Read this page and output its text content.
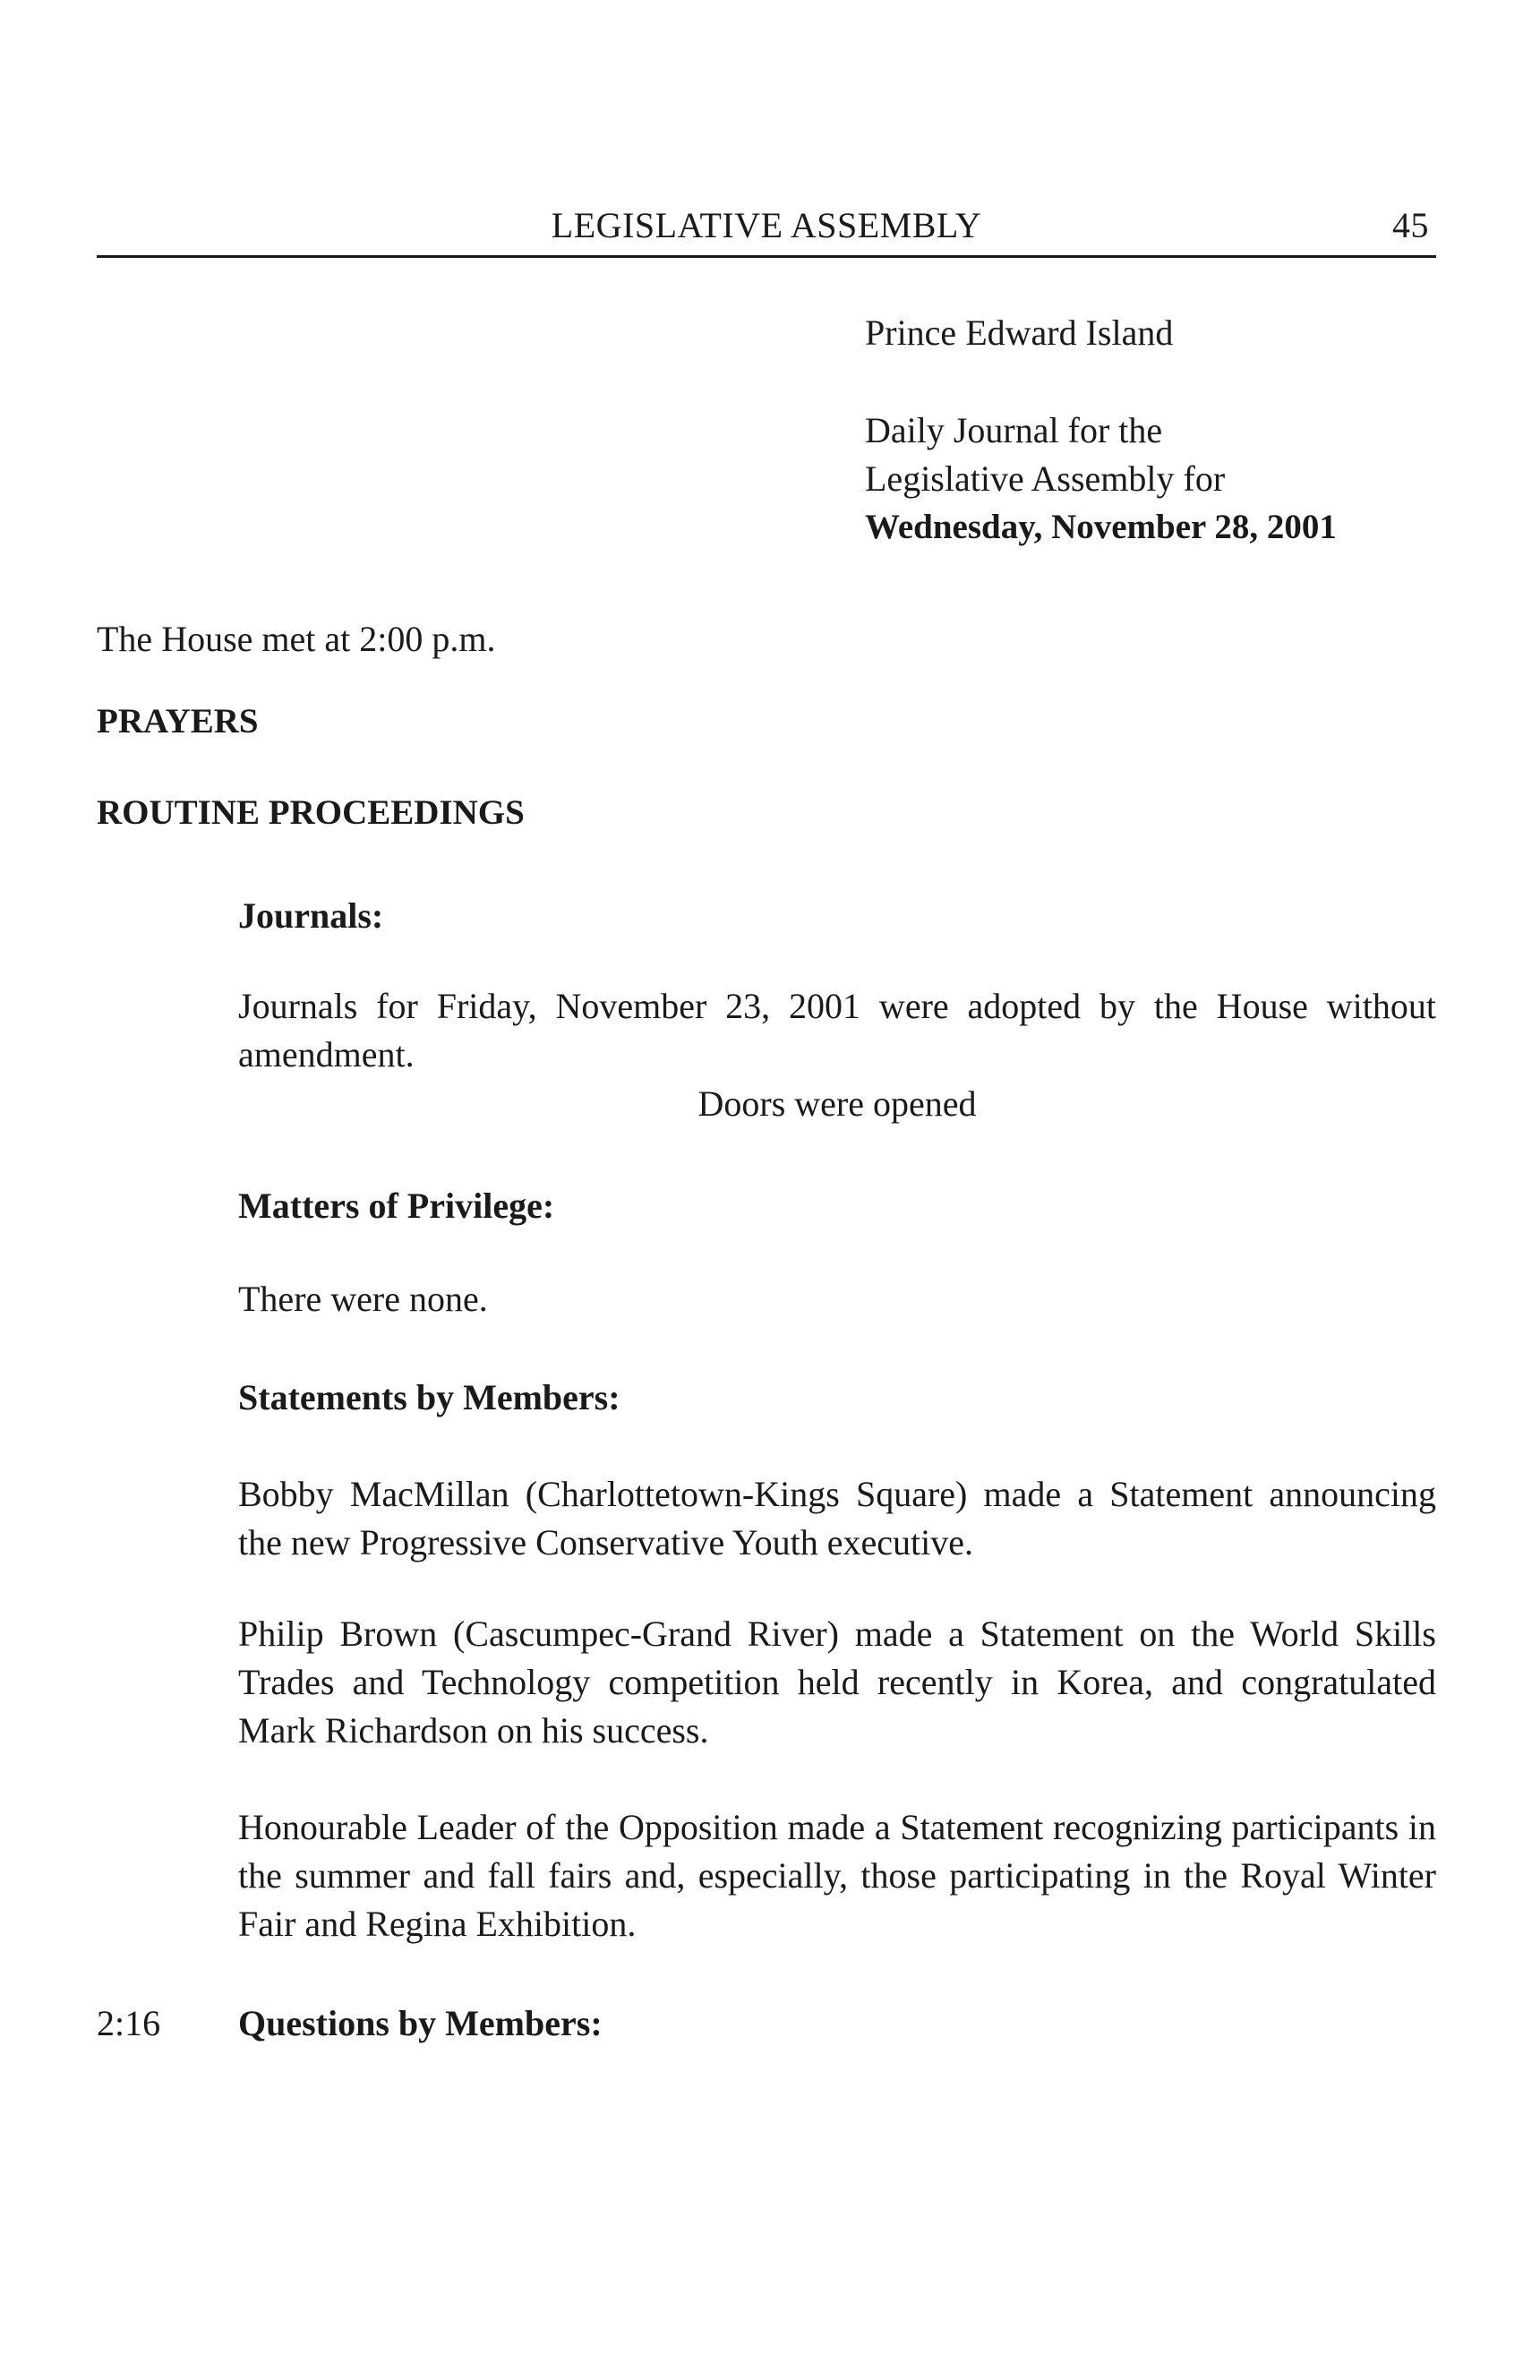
LEGISLATIVE ASSEMBLY	45
Prince Edward Island
Daily Journal for the
Legislative Assembly for
Wednesday, November 28, 2001
The House met at 2:00 p.m.
PRAYERS
ROUTINE PROCEEDINGS
Journals:
Journals for Friday, November 23, 2001 were adopted by the House without amendment.
Doors were opened
Matters of Privilege:
There were none.
Statements by Members:
Bobby MacMillan (Charlottetown-Kings Square) made a Statement announcing the new Progressive Conservative Youth executive.
Philip Brown (Cascumpec-Grand River) made a Statement on the World Skills Trades and Technology competition held recently in Korea, and congratulated Mark Richardson on his success.
Honourable Leader of the Opposition made a Statement recognizing participants in the summer and fall fairs and, especially, those participating in the Royal Winter Fair and Regina Exhibition.
2:16 Questions by Members:
